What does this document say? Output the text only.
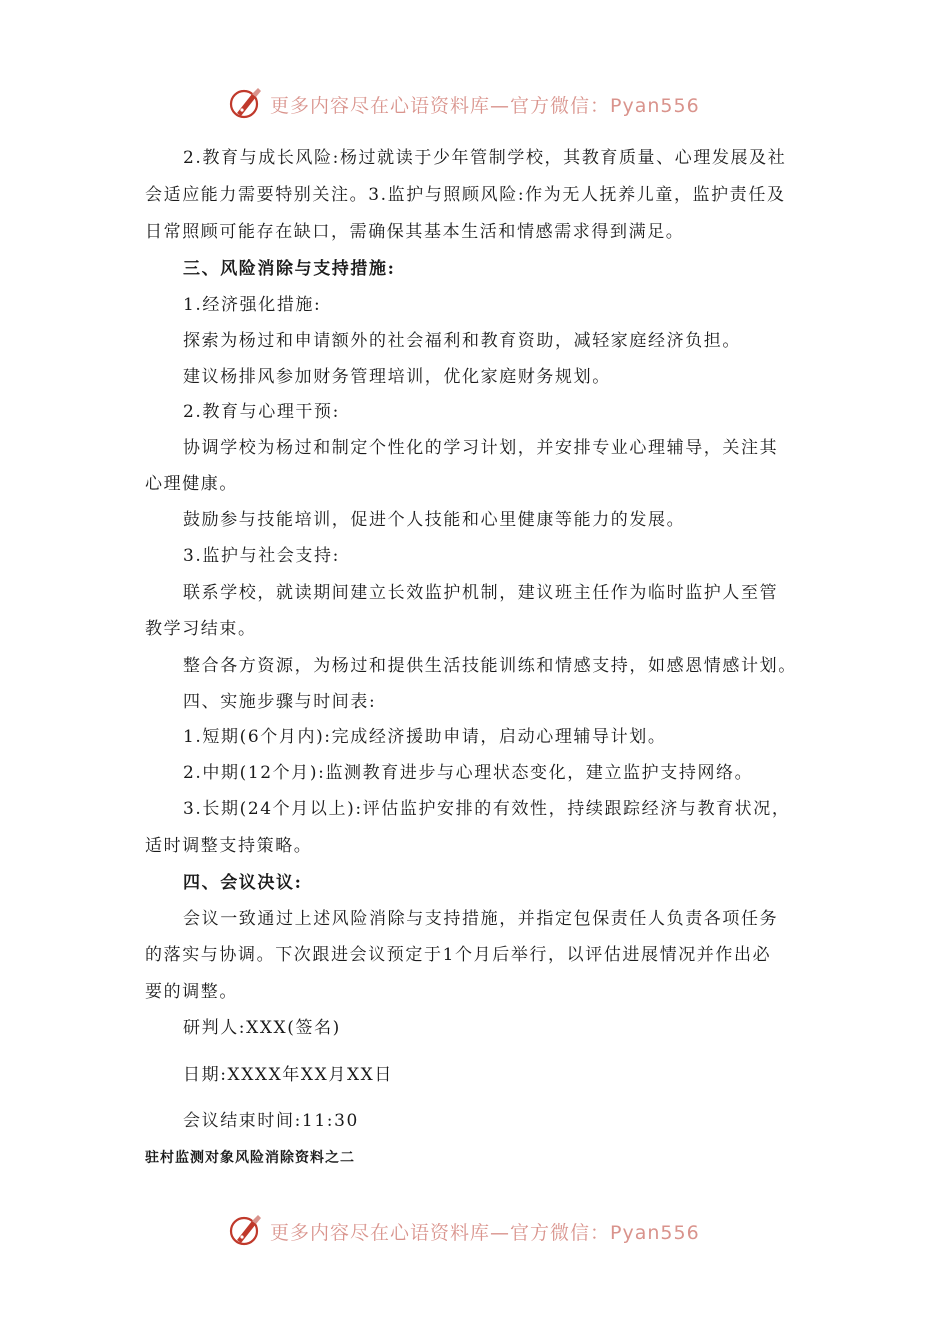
更多内容尽在心语资料库—官方微信：Pyan556
2.教育与成长风险:杨过就读于少年管制学校，其教育质量、心理发展及社
会适应能力需要特别关注。3.监护与照顾风险:作为无人抚养儿童，监护责任及
日常照顾可能存在缺口，需确保其基本生活和情感需求得到满足。
三、风险消除与支持措施:
1.经济强化措施:
探索为杨过和申请额外的社会福利和教育资助，减轻家庭经济负担。
建议杨排风参加财务管理培训，优化家庭财务规划。
2.教育与心理干预:
协调学校为杨过和制定个性化的学习计划，并安排专业心理辅导，关注其
心理健康。
鼓励参与技能培训，促进个人技能和心里健康等能力的发展。
3.监护与社会支持:
联系学校，就读期间建立长效监护机制，建议班主任作为临时监护人至管
教学习结束。
整合各方资源，为杨过和提供生活技能训练和情感支持，如感恩情感计划。
四、实施步骤与时间表:
1.短期(6个月内):完成经济援助申请，启动心理辅导计划。
2.中期(12个月):监测教育进步与心理状态变化，建立监护支持网络。
3.长期(24个月以上):评估监护安排的有效性，持续跟踪经济与教育状况，
适时调整支持策略。
四、会议决议:
会议一致通过上述风险消除与支持措施，并指定包保责任人负责各项任务
的落实与协调。下次跟进会议预定于1个月后举行，以评估进展情况并作出必
要的调整。
研判人:XXX(签名)
日期:XXXX年XX月XX日
会议结束时间:11:30
驻村监测对象风险消除资料之二
更多内容尽在心语资料库—官方微信：Pyan556
